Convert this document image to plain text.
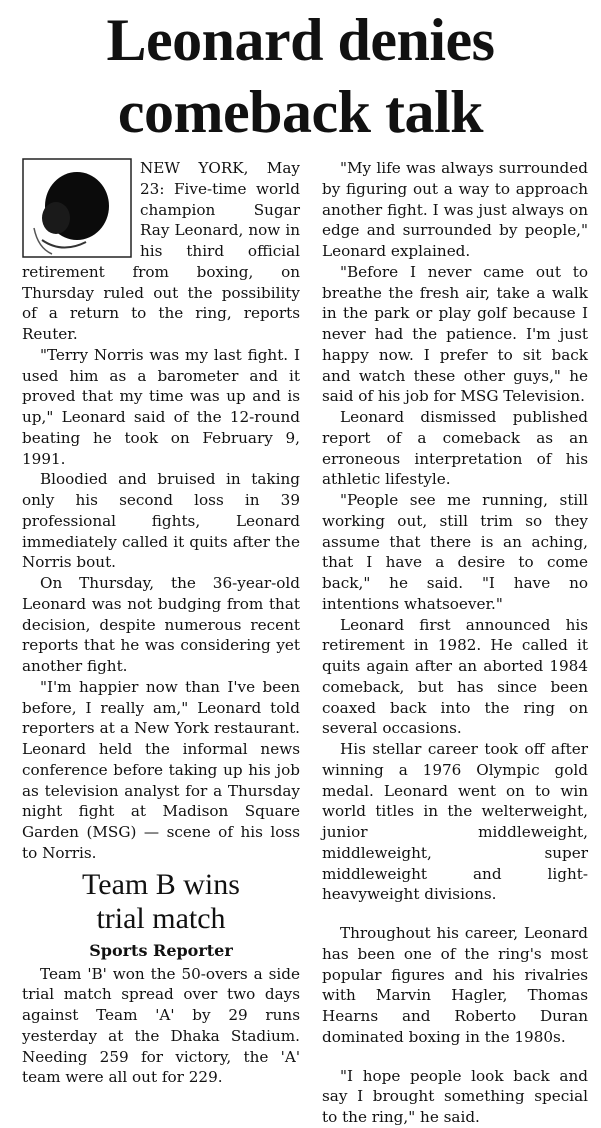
Leonard denies
comeback talk

NEW YORK, May 23: Five-time world champion Sugar Ray Leonard, now in his third official retirement from boxing, on Thursday ruled out the possibility of a return to the ring, reports Reuter.

"Terry Norris was my last fight. I used him as a barometer and it proved that my time was up and is up," Leonard said of the 12-round beating he took on February 9, 1991.

Bloodied and bruised in taking only his second loss in 39 professional fights, Leonard immediately called it quits after the Norris bout.

On Thursday, the 36-year-old Leonard was not budging from that decision, despite numerous recent reports that he was considering yet another fight.

"I'm happier now than I've been before, I really am," Leonard told reporters at a New York restaurant. Leonard held the informal news conference before taking up his job as television analyst for a Thursday night fight at Madison Square Garden (MSG) — scene of his loss to Norris.

Team B wins
trial match
Sports Reporter

Team 'B' won the 50-overs a side trial match spread over two days against Team 'A' by 29 runs yesterday at the Dhaka Stadium. Needing 259 for victory, the 'A' team were all out for 229.

"My life was always surrounded by figuring out a way to approach another fight. I was just always on edge and surrounded by people," Leonard explained.

"Before I never came out to breathe the fresh air, take a walk in the park or play golf because I never had the patience. I'm just happy now. I prefer to sit back and watch these other guys," he said of his job for MSG Television.

Leonard dismissed published report of a comeback as an erroneous interpretation of his athletic lifestyle.

"People see me running, still working out, still trim so they assume that there is an aching, that I have a desire to come back," he said. "I have no intentions whatsoever."

Leonard first announced his retirement in 1982. He called it quits again after an aborted 1984 comeback, but has since been coaxed back into the ring on several occasions.

His stellar career took off after winning a 1976 Olympic gold medal. Leonard went on to win world titles in the welterweight, junior middleweight, middleweight, super middleweight and light-heavyweight divisions.

Throughout his career, Leonard has been one of the ring's most popular figures and his rivalries with Marvin Hagler, Thomas Hearns and Roberto Duran dominated boxing in the 1980s.

"I hope people look back and say I brought something special to the ring," he said.
